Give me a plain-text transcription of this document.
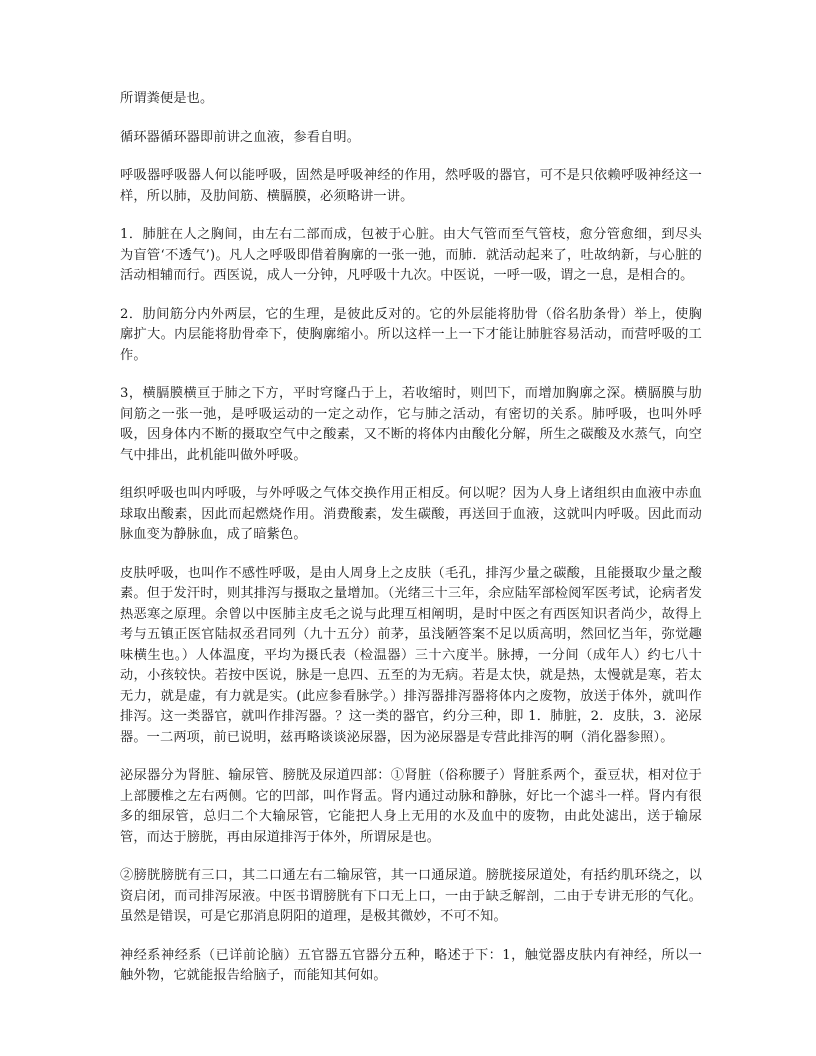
所谓粪便是也。

循环器循环器即前讲之血液，参看自明。

呼吸器呼吸器人何以能呼吸，固然是呼吸神经的作用，然呼吸的器官，可不是只依赖呼吸神经这一样，所以肺，及肋间筋、横膈膜，必须略讲一讲。

1．肺脏在人之胸间，由左右二部而成，包被于心脏。由大气管而至气管枝，愈分管愈细，到尽头为盲管‘不透气’)。凡人之呼吸即借着胸廓的一张一弛，而肺．就活动起来了，吐故纳新，与心脏的活动相辅而行。西医说，成人一分钟，凡呼吸十九次。中医说，一呼一吸，谓之一息，是相合的。

2．肋间筋分内外两层，它的生理，是彼此反对的。它的外层能将肋骨（俗名肋条骨）举上，使胸廓扩大。内层能将肋骨牵下，使胸廓缩小。所以这样一上一下才能让肺脏容易活动，而营呼吸的工作。

3，横膈膜横亘于肺之下方，平时穹窿凸于上，若收缩时，则凹下，而增加胸廓之深。横膈膜与肋间筋之一张一弛，是呼吸运动的一定之动作，它与肺之活动，有密切的关系。肺呼吸，也叫外呼吸，因身体内不断的摄取空气中之酸素，又不断的将体内由酸化分解，所生之碳酸及水蒸气，向空气中排出，此机能叫做外呼吸。

组织呼吸也叫内呼吸，与外呼吸之气体交换作用正相反。何以呢？因为人身上诸组织由血液中赤血球取出酸素，因此而起燃烧作用。消费酸素，发生碳酸，再送回于血液，这就叫内呼吸。因此而动脉血变为静脉血，成了暗紫色。

皮肤呼吸，也叫作不感性呼吸，是由人周身上之皮肤（毛孔，排泻少量之碳酸，且能摄取少量之酸素。但于发汗时，则其排泻与摄取之量增加。（光绪三十三年，余应陆军部检阅军医考试，论病者发热恶寒之原理。余曾以中医肺主皮毛之说与此理互相阐明，是时中医之有西医知识者尚少，故得上考与五镇正医官陆叔丞君同列（九十五分）前茅，虽浅陋答案不足以质高明，然回忆当年，弥觉趣味横生也。）人体温度，平均为摄氏表（检温器）三十六度半。脉搏，一分间（成年人）约七八十动，小孩较快。若按中医说，脉是一息四、五至的为无病。若是太快，就是热，太慢就是寒，若太无力，就是虚，有力就是实。(此应参看脉学。）排泻器排泻器将体内之废物，放送于体外，就叫作排泻。这一类器官，就叫作排泻器。？这一类的器官，约分三种，即 1．肺脏，2．皮肤，3．泌尿器。一二两项，前已说明，兹再略谈谈泌尿器，因为泌尿器是专营此排泻的啊（消化器参照）。

泌尿器分为肾脏、输尿管、膀胱及尿道四部：①肾脏（俗称腰子）肾脏系两个，蚕豆状，相对位于上部腰椎之左右两侧。它的凹部，叫作肾盂。肾内通过动脉和静脉，好比一个滤斗一样。肾内有很多的细尿管，总归二个大输尿管，它能把人身上无用的水及血中的废物，由此处滤出，送于输尿管，而达于膀胱，再由尿道排泻于体外，所谓尿是也。

②膀胱膀胱有三口，其二口通左右二输尿管，其一口通尿道。膀胱接尿道处，有括约肌环绕之，以资启闭，而司排泻尿液。中医书谓膀胱有下口无上口，一由于缺乏解剖，二由于专讲无形的气化。虽然是错误，可是它那消息阴阳的道理，是极其微妙，不可不知。

神经系神经系（已详前论脑）五官器五官器分五种，略述于下：1，触觉器皮肤内有神经，所以一触外物，它就能报告给脑子，而能知其何如。
